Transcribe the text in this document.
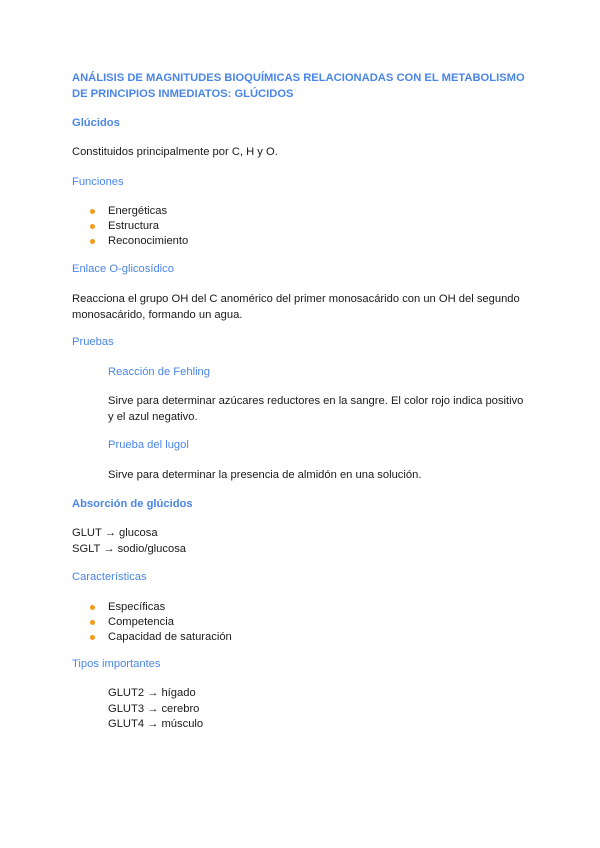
ANÁLISIS DE MAGNITUDES BIOQUÍMICAS RELACIONADAS CON EL METABOLISMO DE PRINCIPIOS INMEDIATOS: GLÚCIDOS
Glúcidos
Constituidos principalmente por C, H y O.
Funciones
Energéticas
Estructura
Reconocimiento
Enlace O-glicosídico
Reacciona el grupo OH del C anomérico del primer monosacárido con un OH del segundo monosacárido, formando un agua.
Pruebas
Reacción de Fehling
Sirve para determinar azúcares reductores en la sangre. El color rojo indica positivo y el azul negativo.
Prueba del lugol
Sirve para determinar la presencia de almidón en una solución.
Absorción de glúcidos
GLUT → glucosa
SGLT → sodio/glucosa
Características
Específicas
Competencia
Capacidad de saturación
Tipos importantes
GLUT2 → hígado
GLUT3 → cerebro
GLUT4 → músculo
